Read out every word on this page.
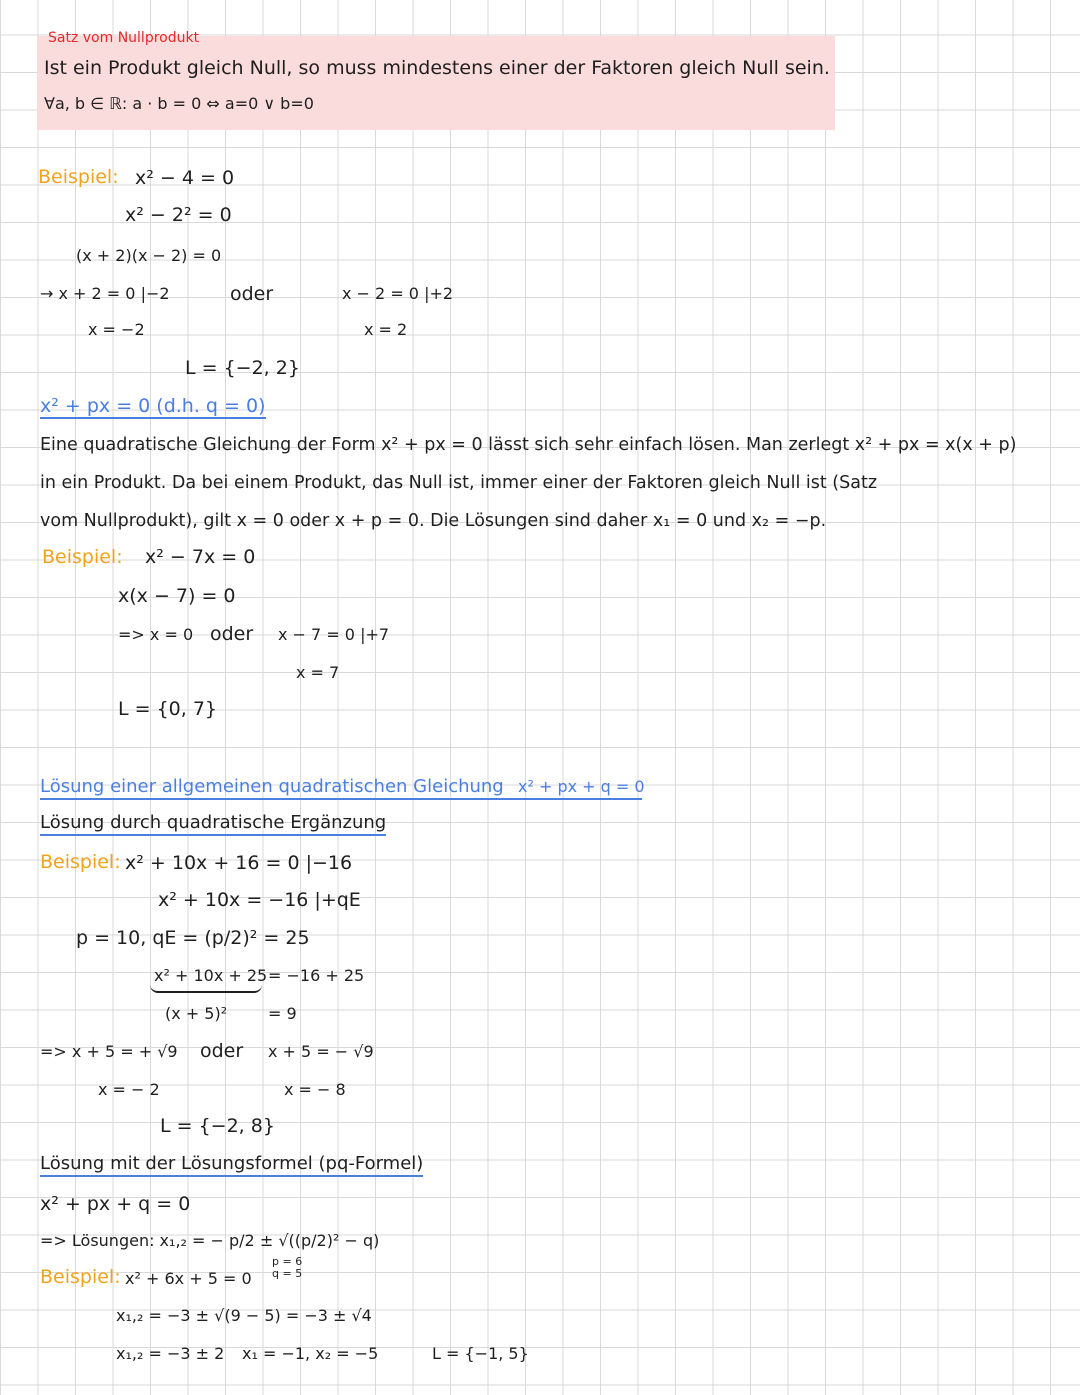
Satz vom Nullprodukt
Ist ein Produkt gleich Null, so muss mindestens einer der Faktoren gleich Null sein.
∀a, b ∈ ℝ: a · b = 0 ⇔ a=0 ∨ b=0
Beispiel: x² − 4 = 0
x² − 2² = 0
(x + 2)(x − 2) = 0
→ x + 2 = 0 |−2	oder	x − 2 = 0 |+2
x = −2	x = 2
L = {−2, 2}
x² + px = 0 (d.h. q = 0)
Eine quadratische Gleichung der Form x² + px = 0 lässt sich sehr einfach lösen. Man zerlegt x² + px = x(x + p)
in ein Produkt. Da bei einem Produkt, das Null ist, immer einer der Faktoren gleich Null ist (Satz
vom Nullprodukt), gilt x = 0 oder x + p = 0. Die Lösungen sind daher x₁ = 0 und x₂ = −p.
Beispiel: x² − 7x = 0
x(x − 7) = 0
=> x = 0 oder x − 7 = 0 |+7
x = 7
L = {0, 7}
Lösung einer allgemeinen quadratischen Gleichung x² + px + q = 0
Lösung durch quadratische Ergänzung
Beispiel: x² + 10x + 16 = 0 |−16
x² + 10x = −16 |+qE
p = 10, qE = (p/2)² = 25
x² + 10x + 25 = −16 + 25
(x + 5)²	= 9
=> x + 5 = + √9 oder x + 5 = − √9
x = − 2	x = − 8
L = {−2, 8}
Lösung mit der Lösungsformel (pq-Formel)
x² + px + q = 0
=> Lösungen: x₁,₂ = − p/2 ± √((p/2)² − q)
Beispiel: x² + 6x + 5 = 0
p = 6
q = 5
x₁,₂ = −3 ± √(9 − 5) = −3 ± √4
x₁,₂ = −3 ± 2 x₁ = −1, x₂ = −5	L = {−1, 5}
